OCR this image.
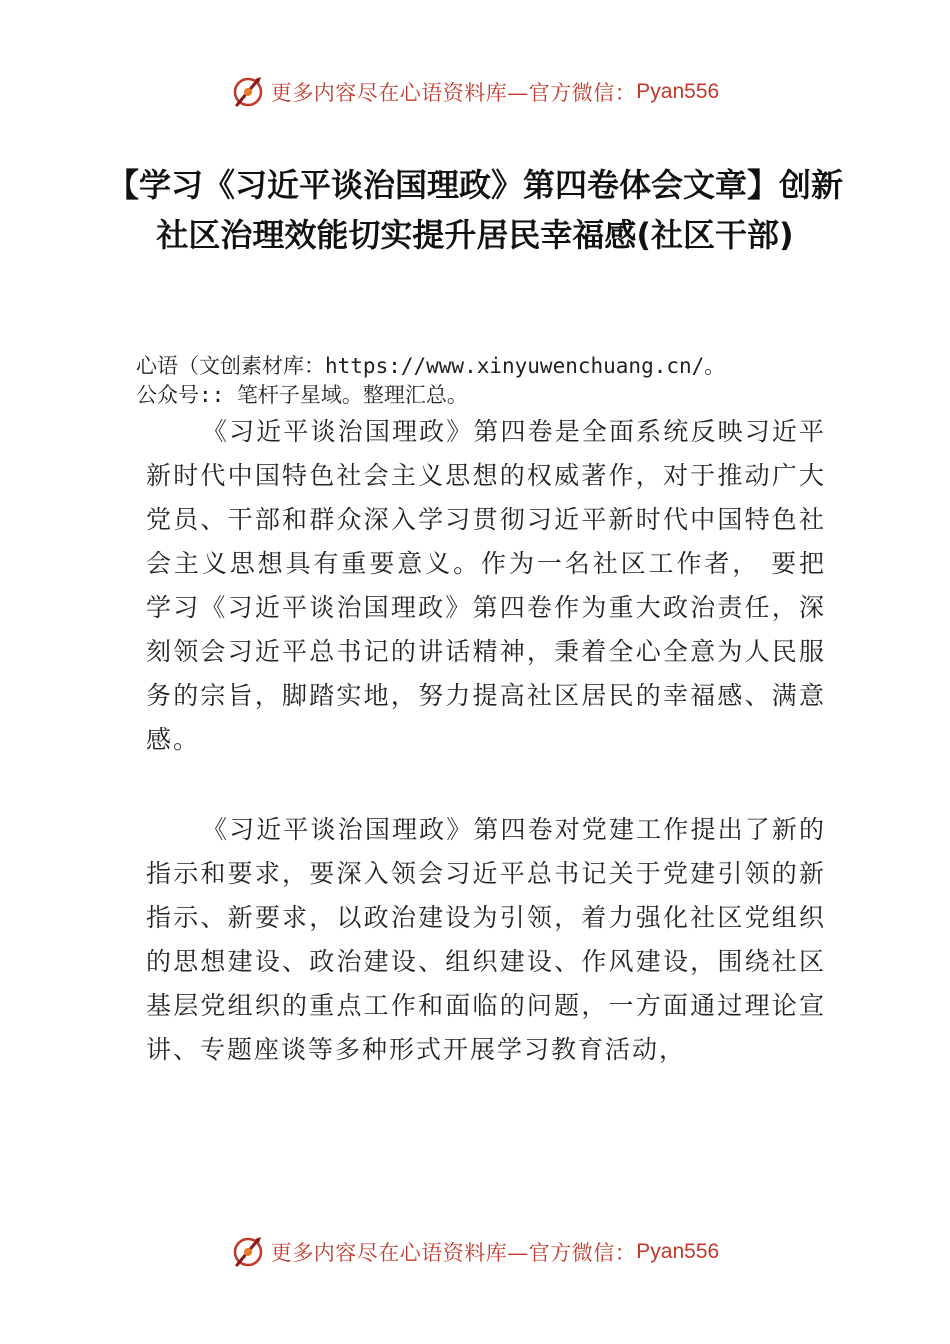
更多内容尽在心语资料库—官方微信： Pyan556
【学习《习近平谈治国理政》第四卷体会文章】创新社区治理效能切实提升居民幸福感(社区干部)
心语（文创素材库：https://www.xinyuwenchuang.cn/。
公众号:: 笔杆子星域。整理汇总。

《习近平谈治国理政》第四卷是全面系统反映习近平新时代中国特色社会主义思想的权威著作，对于推动广大党员、干部和群众深入学习贯彻习近平新时代中国特色社会主义思想具有重要意义。作为一名社区工作者， 要把学习《习近平谈治国理政》第四卷作为重大政治责任，深刻领会习近平总书记的讲话精神，秉着全心全意为人民服务的宗旨，脚踏实地，努力提高社区居民的幸福感、满意感。

《习近平谈治国理政》第四卷对党建工作提出了新的指示和要求，要深入领会习近平总书记关于党建引领的新指示、新要求，以政治建设为引领，着力强化社区党组织的思想建设、政治建设、组织建设、作风建设，围绕社区基层党组织的重点工作和面临的问题，一方面通过理论宣讲、专题座谈等多种形式开展学习教育活动，

更多内容尽在心语资料库—官方微信： Pyan556
